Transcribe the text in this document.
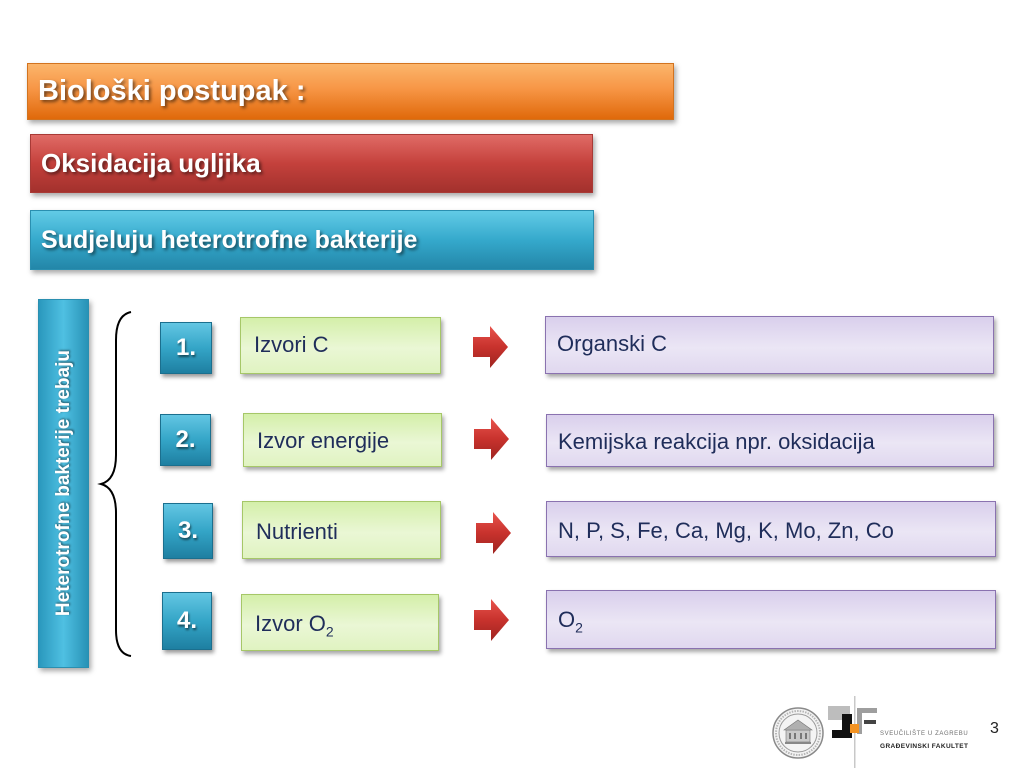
Biološki postupak :
Oksidacija ugljika
Sudjeluju heterotrofne bakterije
Heterotrofne bakterije trebaju
1.	Izvori C	Organski C
2.	Izvor energije	Kemijska reakcija npr. oksidacija
3.	Nutrienti	N, P, S, Fe, Ca, Mg, K, Mo, Zn, Co
4.	Izvor $O_2$	$O_2$
SVEUČILIŠTE U ZAGREBU
GRAĐEVINSKI FAKULTET
3
